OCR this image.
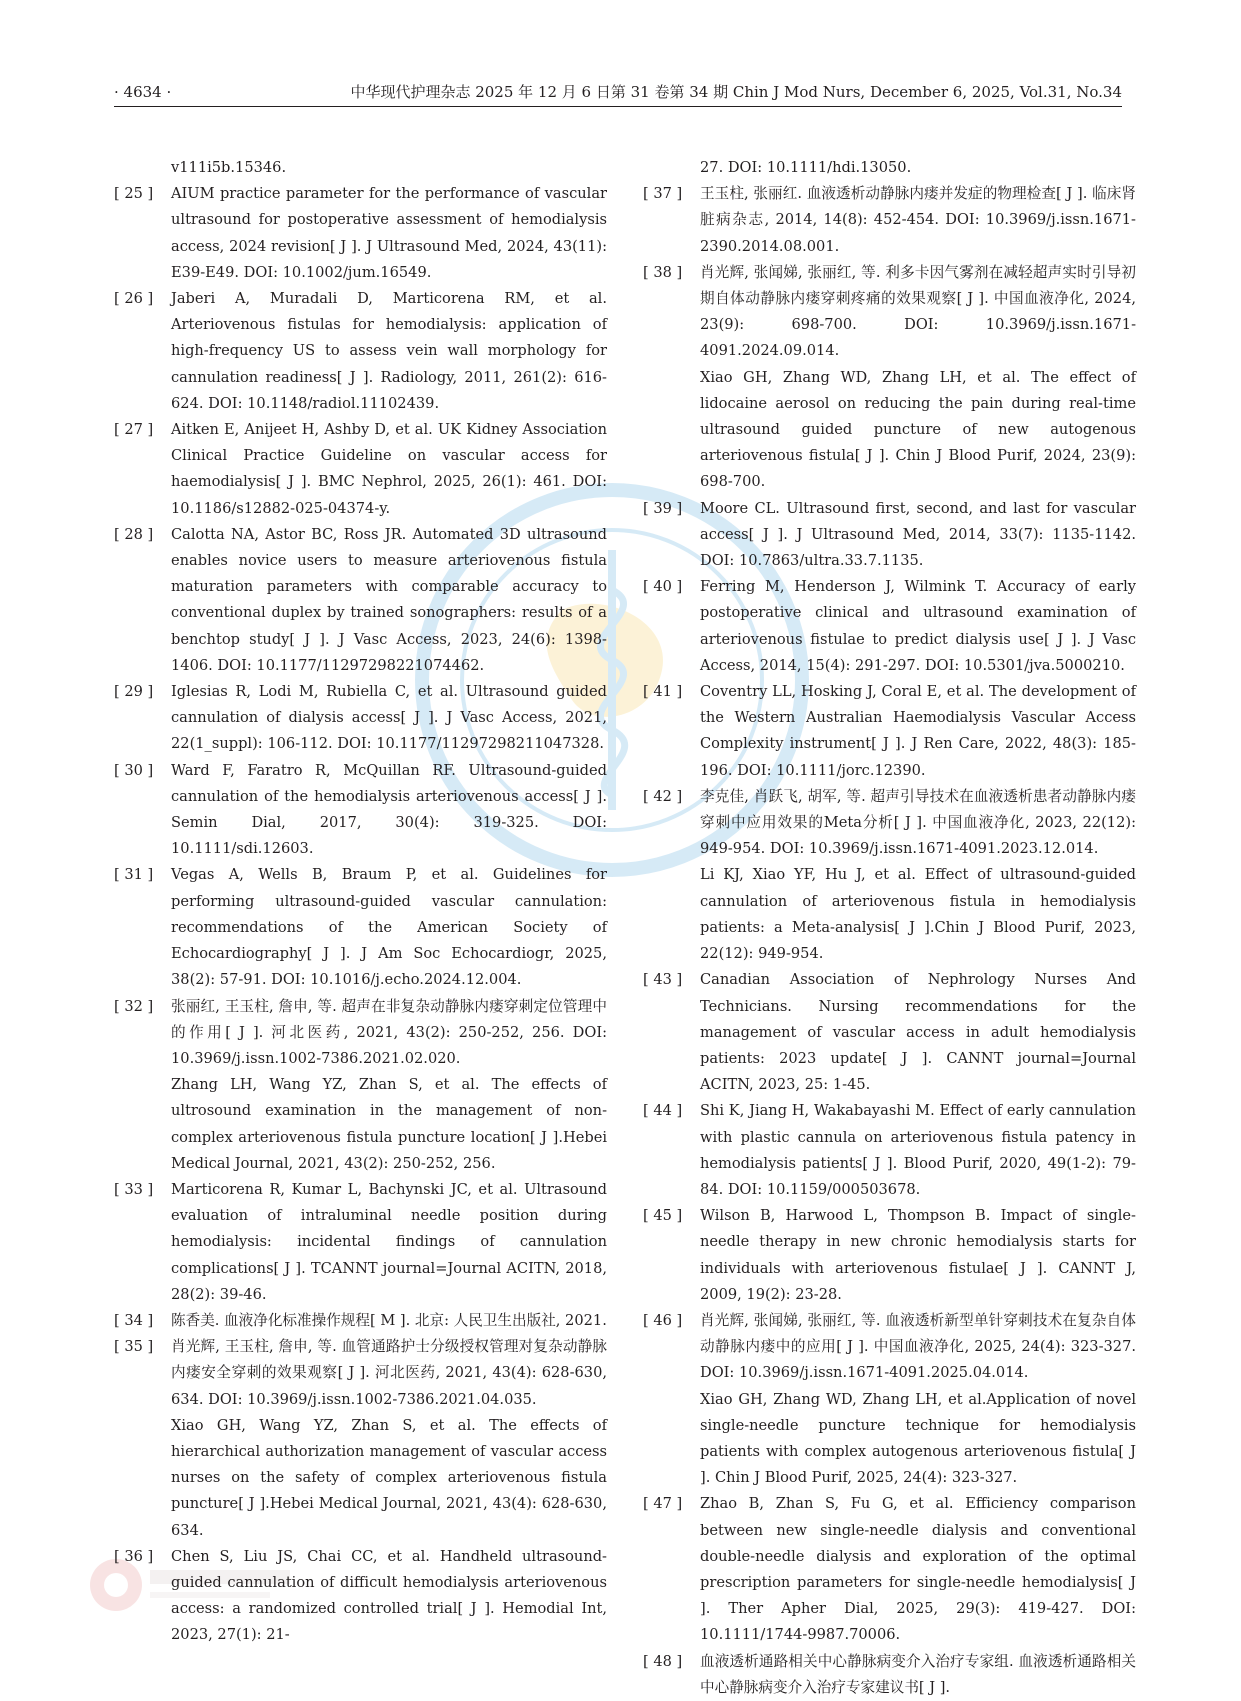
· 4634 ·	中华现代护理杂志 2025 年 12 月 6 日第 31 卷第 34 期 Chin J Mod Nurs, December 6, 2025, Vol.31, No.34
v111i5b.15346.
[ 25 ]	AIUM practice parameter for the performance of vascular ultrasound for postoperative assessment of hemodialysis access, 2024 revision[ J ]. J Ultrasound Med, 2024, 43(11): E39-E49. DOI: 10.1002/jum.16549.
[ 26 ]	Jaberi A, Muradali D, Marticorena RM, et al. Arteriovenous fistulas for hemodialysis: application of high-frequency US to assess vein wall morphology for cannulation readiness[ J ]. Radiology, 2011, 261(2): 616-624. DOI: 10.1148/radiol.11102439.
[ 27 ]	Aitken E, Anijeet H, Ashby D, et al. UK Kidney Association Clinical Practice Guideline on vascular access for haemodialysis[ J ]. BMC Nephrol, 2025, 26(1): 461. DOI: 10.1186/s12882-025-04374-y.
[ 28 ]	Calotta NA, Astor BC, Ross JR. Automated 3D ultrasound enables novice users to measure arteriovenous fistula maturation parameters with comparable accuracy to conventional duplex by trained sonographers: results of a benchtop study[ J ]. J Vasc Access, 2023, 24(6): 1398-1406. DOI: 10.1177/11297298221074462.
[ 29 ]	Iglesias R, Lodi M, Rubiella C, et al. Ultrasound guided cannulation of dialysis access[ J ]. J Vasc Access, 2021, 22(1_suppl): 106-112. DOI: 10.1177/11297298211047328.
[ 30 ]	Ward F, Faratro R, McQuillan RF. Ultrasound-guided cannulation of the hemodialysis arteriovenous access[ J ]. Semin Dial, 2017, 30(4): 319-325. DOI: 10.1111/sdi.12603.
[ 31 ]	Vegas A, Wells B, Braum P, et al. Guidelines for performing ultrasound-guided vascular cannulation: recommendations of the American Society of Echocardiography[ J ]. J Am Soc Echocardiogr, 2025, 38(2): 57-91. DOI: 10.1016/j.echo.2024.12.004.
[ 32 ]	张丽红, 王玉柱, 詹申, 等. 超声在非复杂动静脉内瘘穿刺定位管理中的作用[ J ]. 河北医药, 2021, 43(2): 250-252, 256. DOI: 10.3969/j.issn.1002-7386.2021.02.020.
Zhang LH, Wang YZ, Zhan S, et al. The effects of ultrosound examination in the management of non-complex arteriovenous fistula puncture location[ J ].Hebei Medical Journal, 2021, 43(2): 250-252, 256.
[ 33 ]	Marticorena R, Kumar L, Bachynski JC, et al. Ultrasound evaluation of intraluminal needle position during hemodialysis: incidental findings of cannulation complications[ J ]. TCANNT journal=Journal ACITN, 2018, 28(2): 39-46.
[ 34 ]	陈香美. 血液净化标准操作规程[ M ]. 北京: 人民卫生出版社, 2021.
[ 35 ]	肖光辉, 王玉柱, 詹申, 等. 血管通路护士分级授权管理对复杂动静脉内瘘安全穿刺的效果观察[ J ]. 河北医药, 2021, 43(4): 628-630, 634. DOI: 10.3969/j.issn.1002-7386.2021.04.035.
Xiao GH, Wang YZ, Zhan S, et al. The effects of hierarchical authorization management of vascular access nurses on the safety of complex arteriovenous fistula puncture[ J ].Hebei Medical Journal, 2021, 43(4): 628-630, 634.
[ 36 ]	Chen S, Liu JS, Chai CC, et al. Handheld ultrasound-guided cannulation of difficult hemodialysis arteriovenous access: a randomized controlled trial[ J ]. Hemodial Int, 2023, 27(1): 21-
27. DOI: 10.1111/hdi.13050.
[ 37 ]	王玉柱, 张丽红. 血液透析动静脉内瘘并发症的物理检查[ J ]. 临床肾脏病杂志, 2014, 14(8): 452-454. DOI: 10.3969/j.issn.1671-2390.2014.08.001.
[ 38 ]	肖光辉, 张闻娣, 张丽红, 等. 利多卡因气雾剂在减轻超声实时引导初期自体动静脉内瘘穿刺疼痛的效果观察[ J ]. 中国血液净化, 2024, 23(9): 698-700. DOI: 10.3969/j.issn.1671-4091.2024.09.014.
Xiao GH, Zhang WD, Zhang LH, et al. The effect of lidocaine aerosol on reducing the pain during real-time ultrasound guided puncture of new autogenous arteriovenous fistula[ J ]. Chin J Blood Purif, 2024, 23(9): 698-700.
[ 39 ]	Moore CL. Ultrasound first, second, and last for vascular access[ J ]. J Ultrasound Med, 2014, 33(7): 1135-1142. DOI: 10.7863/ultra.33.7.1135.
[ 40 ]	Ferring M, Henderson J, Wilmink T. Accuracy of early postoperative clinical and ultrasound examination of arteriovenous fistulae to predict dialysis use[ J ]. J Vasc Access, 2014, 15(4): 291-297. DOI: 10.5301/jva.5000210.
[ 41 ]	Coventry LL, Hosking J, Coral E, et al. The development of the Western Australian Haemodialysis Vascular Access Complexity instrument[ J ]. J Ren Care, 2022, 48(3): 185-196. DOI: 10.1111/jorc.12390.
[ 42 ]	李克佳, 肖跃飞, 胡军, 等. 超声引导技术在血液透析患者动静脉内瘘穿刺中应用效果的Meta分析[ J ]. 中国血液净化, 2023, 22(12): 949-954. DOI: 10.3969/j.issn.1671-4091.2023.12.014.
Li KJ, Xiao YF, Hu J, et al. Effect of ultrasound-guided cannulation of arteriovenous fistula in hemodialysis patients: a Meta-analysis[ J ].Chin J Blood Purif, 2023, 22(12): 949-954.
[ 43 ]	Canadian Association of Nephrology Nurses And Technicians. Nursing recommendations for the management of vascular access in adult hemodialysis patients: 2023 update[ J ]. CANNT journal=Journal ACITN, 2023, 25: 1-45.
[ 44 ]	Shi K, Jiang H, Wakabayashi M. Effect of early cannulation with plastic cannula on arteriovenous fistula patency in hemodialysis patients[ J ]. Blood Purif, 2020, 49(1-2): 79-84. DOI: 10.1159/000503678.
[ 45 ]	Wilson B, Harwood L, Thompson B. Impact of single-needle therapy in new chronic hemodialysis starts for individuals with arteriovenous fistulae[ J ]. CANNT J, 2009, 19(2): 23-28.
[ 46 ]	肖光辉, 张闻娣, 张丽红, 等. 血液透析新型单针穿刺技术在复杂自体动静脉内瘘中的应用[ J ]. 中国血液净化, 2025, 24(4): 323-327. DOI: 10.3969/j.issn.1671-4091.2025.04.014.
Xiao GH, Zhang WD, Zhang LH, et al.Application of novel single-needle puncture technique for hemodialysis patients with complex autogenous arteriovenous fistula[ J ]. Chin J Blood Purif, 2025, 24(4): 323-327.
[ 47 ]	Zhao B, Zhan S, Fu G, et al. Efficiency comparison between new single-needle dialysis and conventional double-needle dialysis and exploration of the optimal prescription parameters for single-needle hemodialysis[ J ]. Ther Apher Dial, 2025, 29(3): 419-427. DOI: 10.1111/1744-9987.70006.
[ 48 ]	血液透析通路相关中心静脉病变介入治疗专家组. 血液透析通路相关中心静脉病变介入治疗专家建议书[ J ].
